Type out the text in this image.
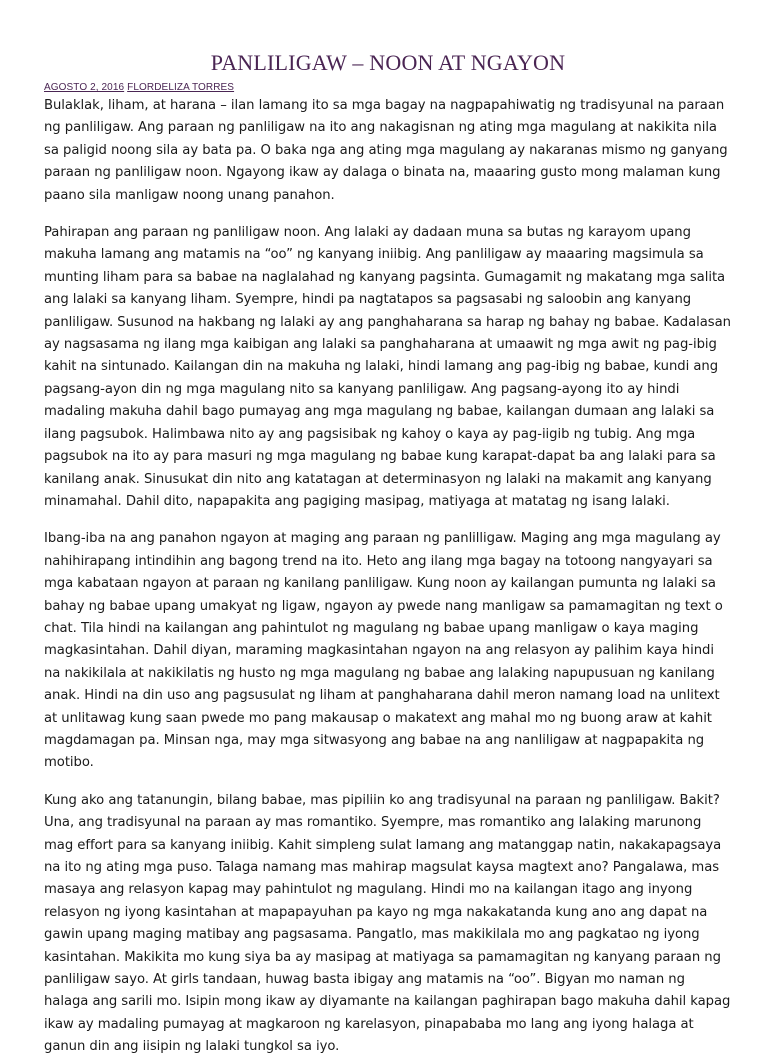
PANLILIGAW – NOON AT NGAYON
AGOSTO 2, 2016 FLORDELIZA TORRES

Bulaklak, liham, at harana – ilan lamang ito sa mga bagay na nagpapahiwatig ng tradisyunal na paraan ng panliligaw. Ang paraan ng panliligaw na ito ang nakagisnan ng ating mga magulang at nakikita nila sa paligid noong sila ay bata pa. O baka nga ang ating mga magulang ay nakaranas mismo ng ganyang paraan ng panliligaw noon. Ngayong ikaw ay dalaga o binata na, maaaring gusto mong malaman kung paano sila manligaw noong unang panahon.

Pahirapan ang paraan ng panliligaw noon. Ang lalaki ay dadaan muna sa butas ng karayom upang makuha lamang ang matamis na “oo” ng kanyang iniibig. Ang panliligaw ay maaaring magsimula sa munting liham para sa babae na naglalahad ng kanyang pagsinta. Gumagamit ng makatang mga salita ang lalaki sa kanyang liham. Syempre, hindi pa nagtatapos sa pagsasabi ng saloobin ang kanyang panliligaw. Susunod na hakbang ng lalaki ay ang panghaharana sa harap ng bahay ng babae. Kadalasan ay nagsasama ng ilang mga kaibigan ang lalaki sa panghaharana at umaawit ng mga awit ng pag-ibig kahit na sintunado. Kailangan din na makuha ng lalaki, hindi lamang ang pag-ibig ng babae, kundi ang pagsang-ayon din ng mga magulang nito sa kanyang panliligaw. Ang pagsang-ayong ito ay hindi madaling makuha dahil bago pumayag ang mga magulang ng babae, kailangan dumaan ang lalaki sa ilang pagsubok. Halimbawa nito ay ang pagsisibak ng kahoy o kaya ay pag-iigib ng tubig. Ang mga pagsubok na ito ay para masuri ng mga magulang ng babae kung karapat-dapat ba ang lalaki para sa kanilang anak. Sinusukat din nito ang katatagan at determinasyon ng lalaki na makamit ang kanyang minamahal. Dahil dito, napapakita ang pagiging masipag, matiyaga at matatag ng isang lalaki.

Ibang-iba na ang panahon ngayon at maging ang paraan ng panlilligaw. Maging ang mga magulang ay nahihirapang intindihin ang bagong trend na ito. Heto ang ilang mga bagay na totoong nangyayari sa mga kabataan ngayon at paraan ng kanilang panliligaw. Kung noon ay kailangan pumunta ng lalaki sa bahay ng babae upang umakyat ng ligaw, ngayon ay pwede nang manligaw sa pamamagitan ng text o chat. Tila hindi na kailangan ang pahintulot ng magulang ng babae upang manligaw o kaya maging magkasintahan. Dahil diyan, maraming magkasintahan ngayon na ang relasyon ay palihim kaya hindi na nakikilala at nakikilatis ng husto ng mga magulang ng babae ang lalaking napupusuan ng kanilang anak. Hindi na din uso ang pagsusulat ng liham at panghaharana dahil meron namang load na unlitext at unlitawag kung saan pwede mo pang makausap o makatext ang mahal mo ng buong araw at kahit magdamagan pa. Minsan nga, may mga sitwasyong ang babae na ang nanliligaw at nagpapakita ng motibo.

Kung ako ang tatanungin, bilang babae, mas pipiliin ko ang tradisyunal na paraan ng panliligaw. Bakit? Una, ang tradisyunal na paraan ay mas romantiko. Syempre, mas romantiko ang lalaking marunong mag effort para sa kanyang iniibig. Kahit simpleng sulat lamang ang matanggap natin, nakakapagsaya na ito ng ating mga puso. Talaga namang mas mahirap magsulat kaysa magtext ano? Pangalawa, mas masaya ang relasyon kapag may pahintulot ng magulang. Hindi mo na kailangan itago ang inyong relasyon ng iyong kasintahan at mapapayuhan pa kayo ng mga nakakatanda kung ano ang dapat na gawin upang maging matibay ang pagsasama. Pangatlo, mas makikilala mo ang pagkatao ng iyong kasintahan. Makikita mo kung siya ba ay masipag at matiyaga sa pamamagitan ng kanyang paraan ng panliligaw sayo. At girls tandaan, huwag basta ibigay ang matamis na “oo”. Bigyan mo naman ng halaga ang sarili mo. Isipin mong ikaw ay diyamante na kailangan paghirapan bago makuha dahil kapag ikaw ay madaling pumayag at magkaroon ng karelasyon, pinapababa mo lang ang iyong halaga at ganun din ang iisipin ng lalaki tungkol sa iyo.
